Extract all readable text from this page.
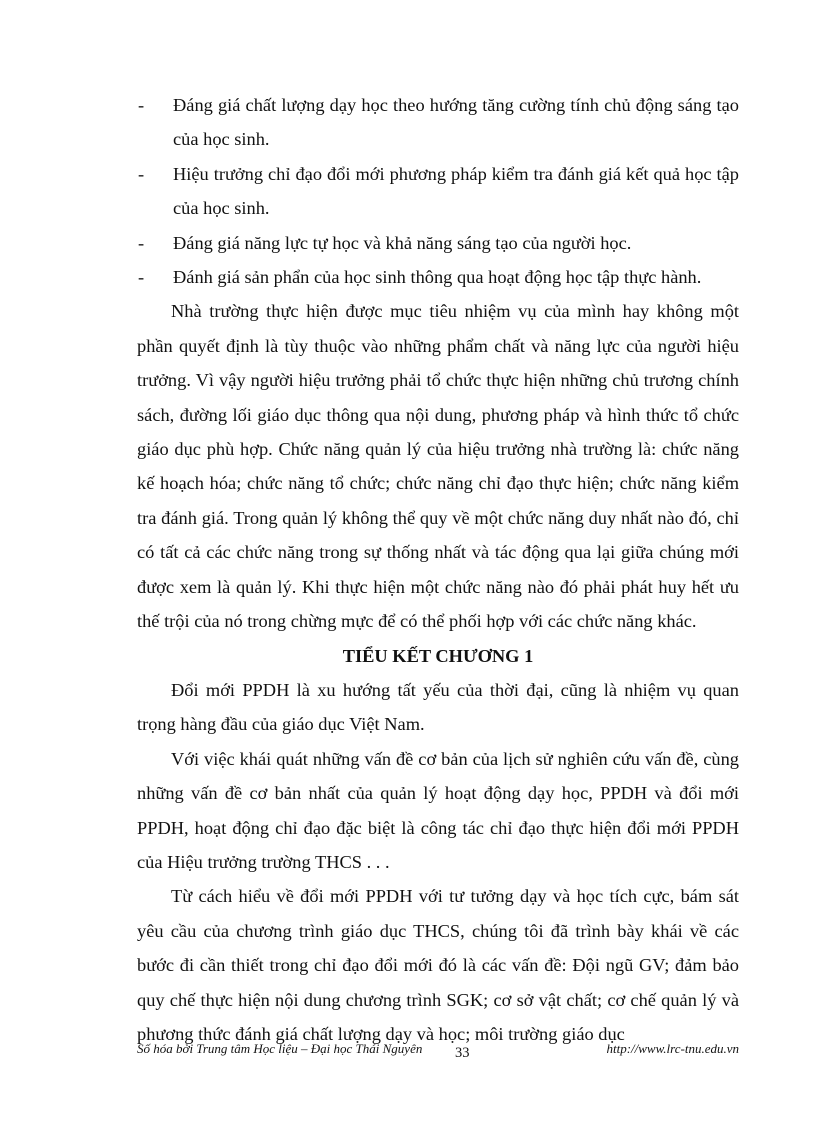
-	Đáng giá chất lượng dạy học theo hướng tăng cường tính chủ động sáng tạo của học sinh.

-	Hiệu trưởng chỉ đạo đổi mới phương pháp kiểm tra đánh giá kết quả học tập của học sinh.

-	Đáng giá năng lực tự học và khả năng sáng tạo của người học.

-	Đánh giá sản phẩn của học sinh thông qua hoạt động học tập thực hành.

Nhà trường thực hiện được mục tiêu nhiệm vụ của mình hay không một phần quyết định là tùy thuộc vào những phẩm chất và năng lực của người hiệu trưởng. Vì vậy người hiệu trưởng phải tổ chức thực hiện những chủ trương chính sách, đường lối giáo dục thông qua nội dung, phương pháp và hình thức tổ chức giáo dục phù hợp. Chức năng quản lý của hiệu trưởng nhà trường là: chức năng kế hoạch hóa; chức năng tổ chức; chức năng chỉ đạo thực hiện; chức năng kiểm tra đánh giá. Trong quản lý không thể quy về một chức năng duy nhất nào đó, chỉ có tất cả các chức năng trong sự thống nhất và tác động qua lại giữa chúng mới được xem là quản lý. Khi thực hiện một chức năng nào đó phải phát huy hết ưu thế trội của nó trong chừng mực để có thể phối hợp với các chức năng khác.

TIỂU KẾT CHƯƠNG 1

Đổi mới PPDH là xu hướng tất yếu của thời đại, cũng là nhiệm vụ quan trọng hàng đầu của giáo dục Việt Nam.

Với việc khái quát những vấn đề cơ bản của lịch sử nghiên cứu vấn đề, cùng những vấn đề cơ bản nhất của quản lý hoạt động dạy học, PPDH và đổi mới PPDH, hoạt động chỉ đạo đặc biệt là công tác chỉ đạo thực hiện đổi mới PPDH của Hiệu trưởng trường THCS . . .

Từ cách hiểu về đổi mới PPDH với tư tưởng dạy và học tích cực, bám sát yêu cầu của chương trình giáo dục THCS, chúng tôi đã trình bày khái về các bước đi cần thiết trong chỉ đạo đổi mới đó là các vấn đề: Đội ngũ GV; đảm bảo quy chế thực hiện nội dung chương trình SGK; cơ sở vật chất; cơ chế quản lý và phương thức đánh giá chất lượng dạy và học; môi trường giáo dục

Số hóa bởi Trung tâm Học liệu – Đại học Thái Nguyên 33	http://www.lrc-tnu.edu.vn
